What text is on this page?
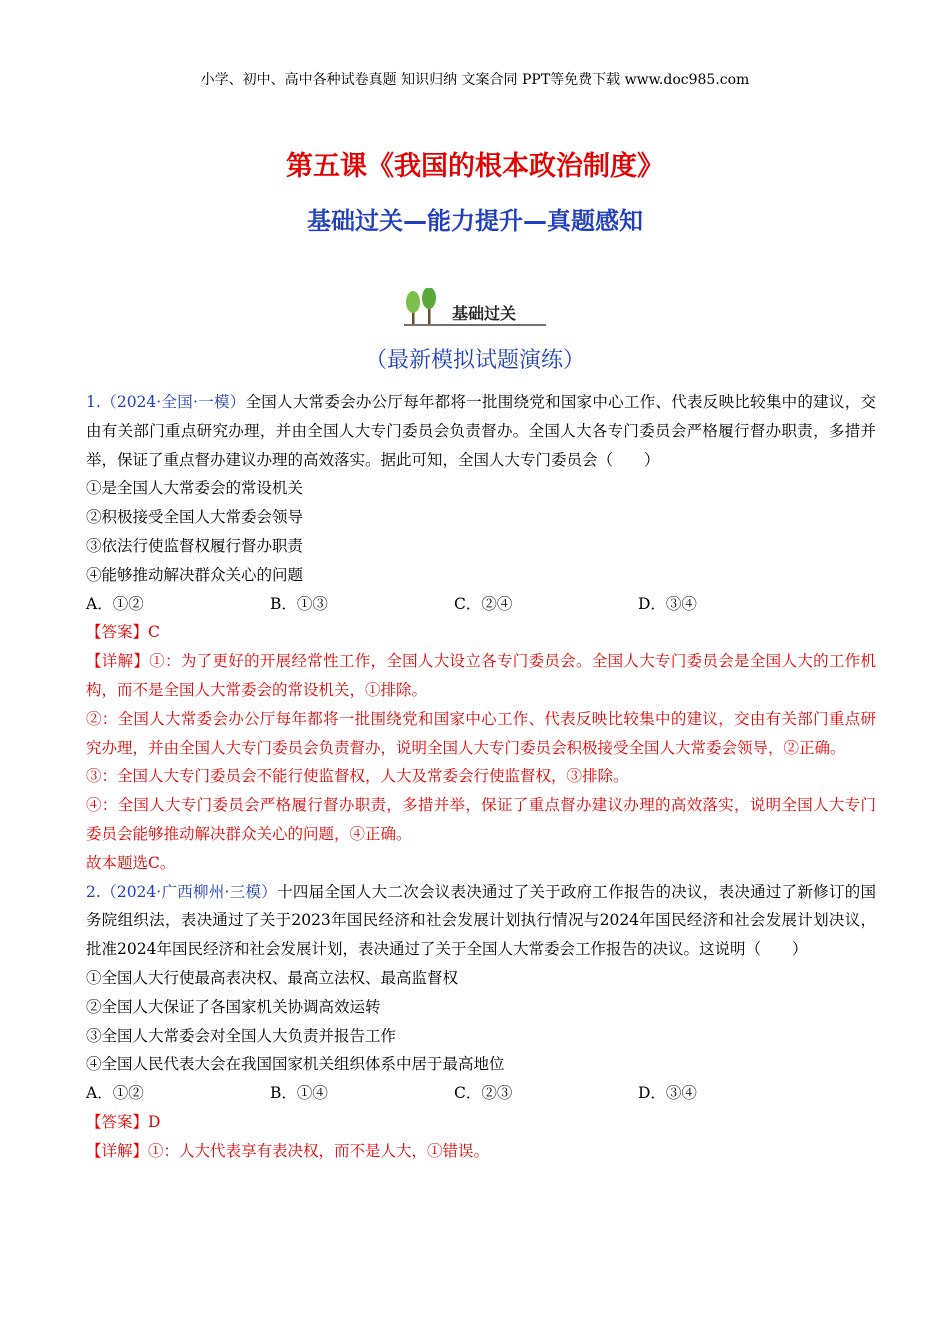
小学、初中、高中各种试卷真题 知识归纳 文案合同 PPT等免费下载 www.doc985.com
第五课《我国的根本政治制度》
基础过关—能力提升—真题感知
基础过关
（最新模拟试题演练）
1.（2024·全国·一模）全国人大常委会办公厅每年都将一批围绕党和国家中心工作、代表反映比较集中的建议，交由有关部门重点研究办理，并由全国人大专门委员会负责督办。全国人大各专门委员会严格履行督办职责，多措并举，保证了重点督办建议办理的高效落实。据此可知，全国人大专门委员会（　　）
①是全国人大常委会的常设机关
②积极接受全国人大常委会领导
③依法行使监督权履行督办职责
④能够推动解决群众关心的问题
A．①②	B．①③	C．②④	D．③④
【答案】C
【详解】①：为了更好的开展经常性工作，全国人大设立各专门委员会。全国人大专门委员会是全国人大的工作机构，而不是全国人大常委会的常设机关，①排除。
②：全国人大常委会办公厅每年都将一批围绕党和国家中心工作、代表反映比较集中的建议，交由有关部门重点研究办理，并由全国人大专门委员会负责督办，说明全国人大专门委员会积极接受全国人大常委会领导，②正确。
③：全国人大专门委员会不能行使监督权，人大及常委会行使监督权，③排除。
④：全国人大专门委员会严格履行督办职责，多措并举，保证了重点督办建议办理的高效落实，说明全国人大专门委员会能够推动解决群众关心的问题，④正确。
故本题选C。
2.（2024·广西柳州·三模）十四届全国人大二次会议表决通过了关于政府工作报告的决议，表决通过了新修订的国务院组织法，表决通过了关于2023年国民经济和社会发展计划执行情况与2024年国民经济和社会发展计划决议，批准2024年国民经济和社会发展计划，表决通过了关于全国人大常委会工作报告的决议。这说明（　　）
①全国人大行使最高表决权、最高立法权、最高监督权
②全国人大保证了各国家机关协调高效运转
③全国人大常委会对全国人大负责并报告工作
④全国人民代表大会在我国国家机关组织体系中居于最高地位
A．①②	B．①④	C．②③	D．③④
【答案】D
【详解】①：人大代表享有表决权，而不是人大，①错误。
